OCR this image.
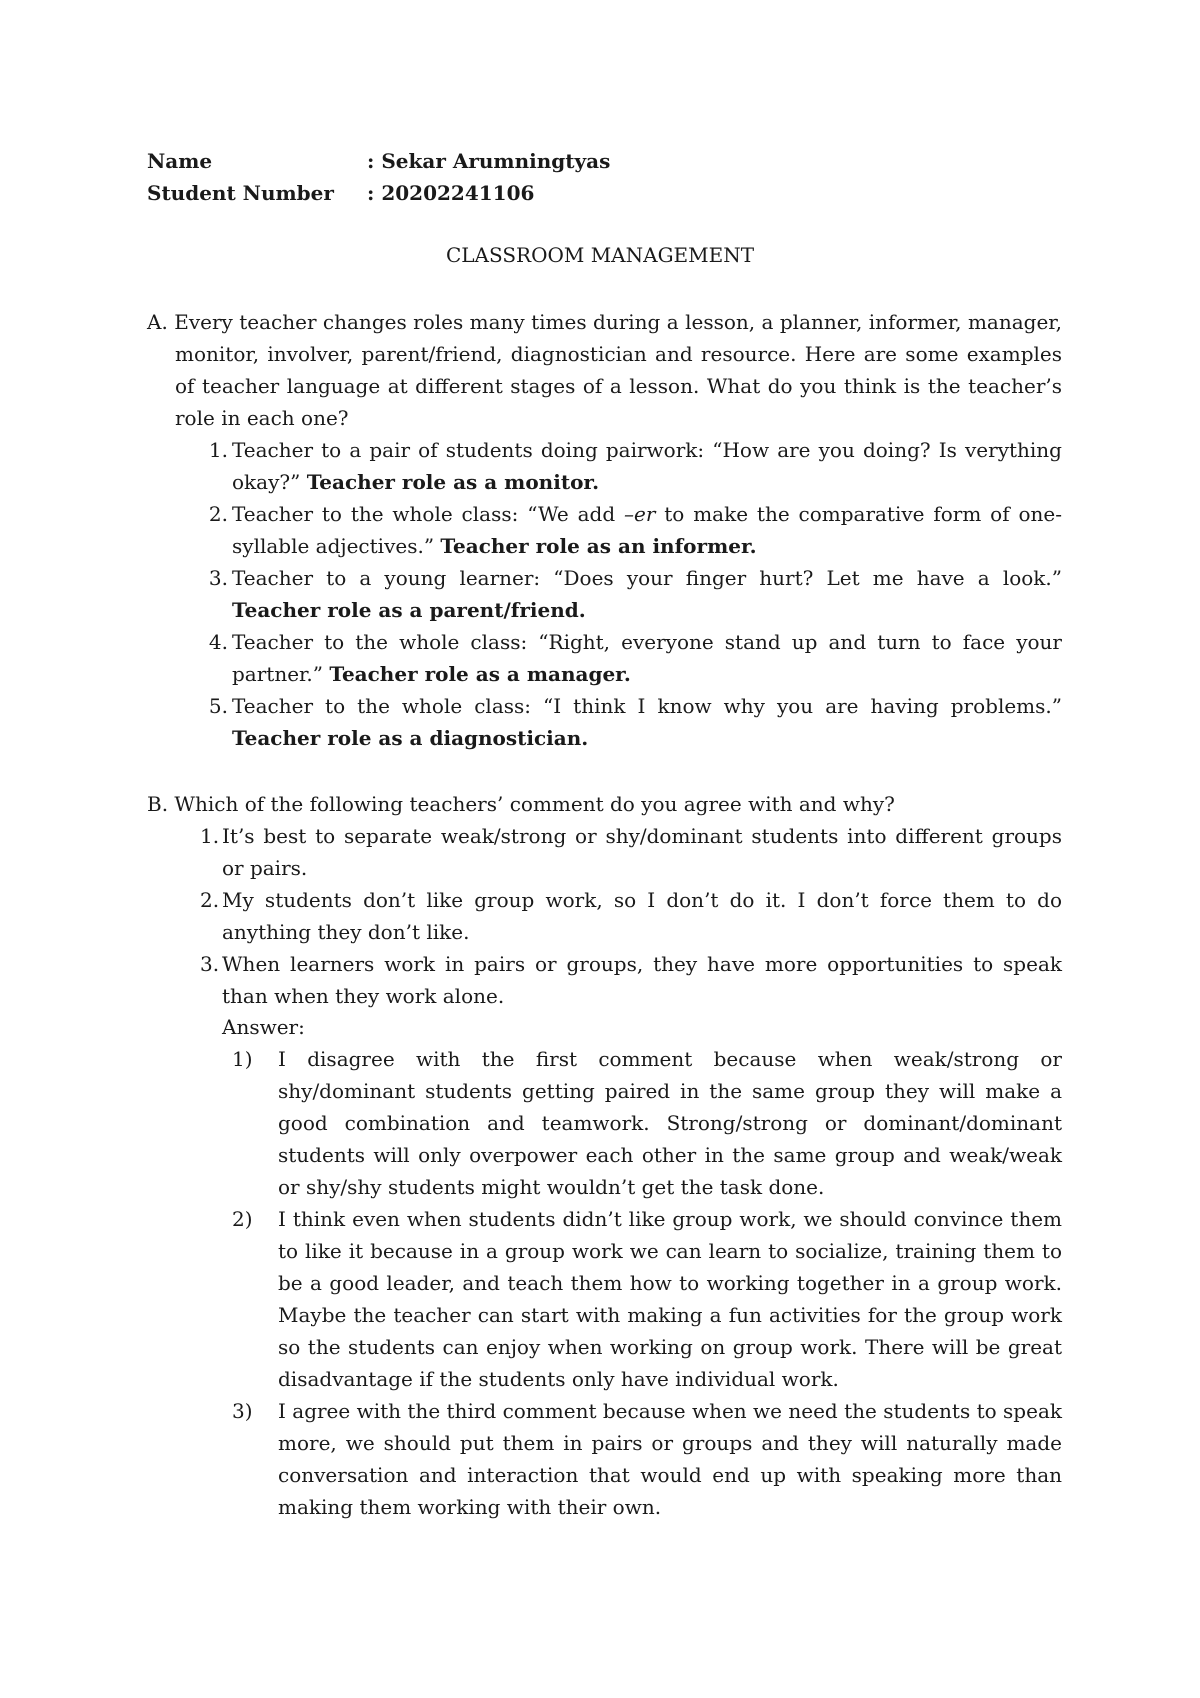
Name	: Sekar Arumningtyas
Student Number	: 20202241106
CLASSROOM MANAGEMENT
A. Every teacher changes roles many times during a lesson, a planner, informer, manager, monitor, involver, parent/friend, diagnostician and resource. Here are some examples of teacher language at different stages of a lesson. What do you think is the teacher’s role in each one?
1. Teacher to a pair of students doing pairwork: “How are you doing? Is verything okay?” Teacher role as a monitor.
2. Teacher to the whole class: “We add –er to make the comparative form of one-syllable adjectives.” Teacher role as an informer.
3. Teacher to a young learner: “Does your finger hurt? Let me have a look.” Teacher role as a parent/friend.
4. Teacher to the whole class: “Right, everyone stand up and turn to face your partner.” Teacher role as a manager.
5. Teacher to the whole class: “I think I know why you are having problems.” Teacher role as a diagnostician.
B. Which of the following teachers’ comment do you agree with and why?
1. It’s best to separate weak/strong or shy/dominant students into different groups or pairs.
2. My students don’t like group work, so I don’t do it. I don’t force them to do anything they don’t like.
3. When learners work in pairs or groups, they have more opportunities to speak than when they work alone.
Answer:
1)	I disagree with the first comment because when weak/strong or shy/dominant students getting paired in the same group they will make a good combination and teamwork. Strong/strong or dominant/dominant students will only overpower each other in the same group and weak/weak or shy/shy students might wouldn’t get the task done.
2)	I think even when students didn’t like group work, we should convince them to like it because in a group work we can learn to socialize, training them to be a good leader, and teach them how to working together in a group work. Maybe the teacher can start with making a fun activities for the group work so the students can enjoy when working on group work. There will be great disadvantage if the students only have individual work.
3)	I agree with the third comment because when we need the students to speak more, we should put them in pairs or groups and they will naturally made conversation and interaction that would end up with speaking more than making them working with their own.
